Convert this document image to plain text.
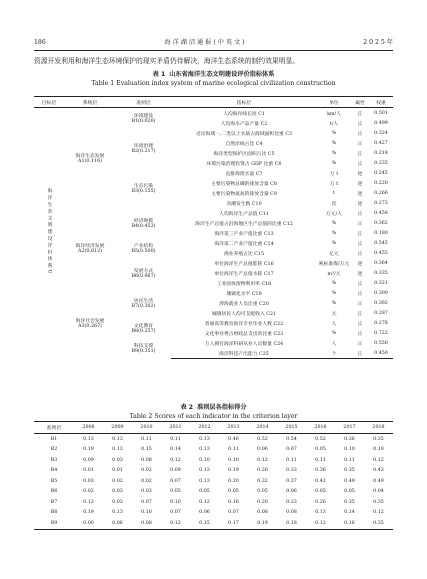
186	海 洋 湖 沼 通 报 ( 中 英 文 )	2 0 2 5 年
资源开发利用和海洋生态环境保护的现实矛盾仍待解决，海洋生态系统的制约效果明显。
表 1 山东省海洋生态文明建设评价指标体系
Table 1 Evaluation index system of marine ecological civilization construction
目标层	系统层	准则层	指标层	单位	属性	权重
海洋生态文明建设评价体系U	海洋生态发展A1(0.116)	环境建设B1(0.020)	人均海岸线长度 C1	km/人	正	0.501
			人均海水产品产量 C2	t/人	正	0.499
		环境治理B2(0.217)	近岸海域一,二类以上水质占海域面积比重 C3	%	正	0.324
			自然岸线占比 C4	%	正	0.427
			海洋类型保护区面积占比 C5	%	正	0.218
			环境污染治理投资占 GDP 比重 C6	%	正	0.235
		生态污染B3(0.155)	直排海废水量 C7	万 t	逆	0.245
			主要污染物总磷的排放含量 C8	万 t	逆	0.220
			主要污染物氨氮的排放含量 C9	t	逆	0.266
			赤潮发生数 C10	次	逆	0.273
	海洋经济发展A2(0.612)	经济规模B4(0.453)	人均海洋生产总值 C11	万元/人	正	0.458
			海洋生产总值占沿海地区生产总值的比重 C12	%	正	0.362
			海洋第三产业产值比重 C13	%	正	0.180
		产业结构B5(0.500)	海洋第二产业产值比重 C14	%	正	0.545
			渔业养殖占比 C15	亿元	正	0.455
		发展方式B6(0.067)	单位海洋生产总值能耗 C16	吨标准煤/万元	逆	0.364
			单位海洋生产总值水耗 C17	m³/元	逆	0.335
			工业固体废物利用率 C18	%	正	0.321
	海洋社会发展A3(0.267)	居民生活B7(0.302)	城镇化水平 C19	%	正	0.300
			涉海就业人员比重 C20	%	正	0.392
			城镇居民人均可支配收入 C21	元	正	0.287
		文化教育B8(0.257)	普通高等教育海洋专业毕业人数 C22	人	正	0.278
			文化事业费占财政总支出的比重 C23	%	正	0.722
		科技支撑B9(0.351)	万人拥有海洋科研从业人员数量 C24	人	正	0.550
			海洋科技产出能力 C25	个	正	0.450
表 2 准则层各指标得分
Table 2 Scores of each indicator in the criterion layer
准则层	2008	2009	2010	2011	2012	2013	2014	2015	2016	2017	2018
B1	0.13	0.13	0.11	0.11	0.13	0.46	0.52	0.54	0.52	0.36	0.35
B2	0.19	0.13	0.15	0.14	0.13	0.11	0.06	0.07	0.05	0.10	0.10
B3	0.09	0.03	0.08	0.12	0.10	0.10	0.12	0.11	0.11	0.11	0.12
B4	0.01	0.01	0.02	0.09	0.13	0.19	0.26	0.33	0.36	0.35	0.43
B5	0.03	0.02	0.02	0.07	0.13	0.20	0.32	0.37	0.43	0.49	0.49
B6	0.02	0.03	0.03	0.05	0.05	0.05	0.05	0.06	0.05	0.05	0.04
B7	0.12	0.03	0.07	0.10	0.12	0.16	0.20	0.23	0.26	0.35	0.35
B8	0.19	0.13	0.10	0.07	0.06	0.07	0.08	0.08	0.13	0.14	0.12
B9	0.00	0.06	0.08	0.12	0.15	0.17	0.19	0.18	0.12	0.16	0.35
